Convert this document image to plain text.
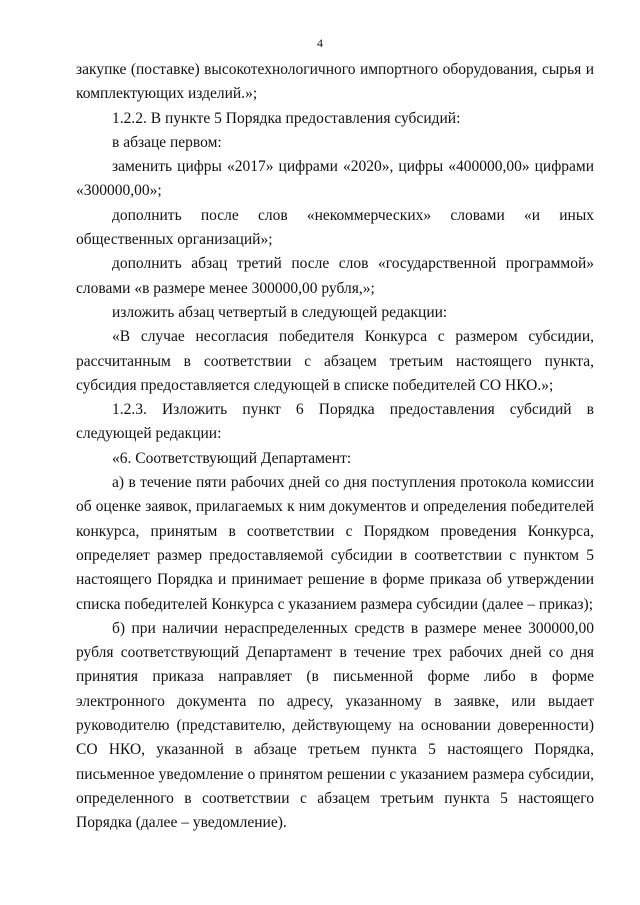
4

закупке (поставке) высокотехнологичного импортного оборудования, сырья и комплектующих изделий.»;

1.2.2. В пункте 5 Порядка предоставления субсидий:

в абзаце первом:

заменить цифры «2017» цифрами «2020», цифры «400000,00» цифрами «300000,00»;

дополнить после слов «некоммерческих» словами «и иных общественных организаций»;

дополнить абзац третий после слов «государственной программой» словами «в размере менее 300000,00 рубля,»;

изложить абзац четвертый в следующей редакции:

«В случае несогласия победителя Конкурса с размером субсидии, рассчитанным в соответствии с абзацем третьим настоящего пункта, субсидия предоставляется следующей в списке победителей СО НКО.»;

1.2.3. Изложить пункт 6 Порядка предоставления субсидий в следующей редакции:

«6. Соответствующий Департамент:

а) в течение пяти рабочих дней со дня поступления протокола комиссии об оценке заявок, прилагаемых к ним документов и определения победителей конкурса, принятым в соответствии с Порядком проведения Конкурса, определяет размер предоставляемой субсидии в соответствии с пунктом 5 настоящего Порядка и принимает решение в форме приказа об утверждении списка победителей Конкурса с указанием размера субсидии (далее – приказ);

б) при наличии нераспределенных средств в размере менее 300000,00 рубля соответствующий Департамент в течение трех рабочих дней со дня принятия приказа направляет (в письменной форме либо в форме электронного документа по адресу, указанному в заявке, или выдает руководителю (представителю, действующему на основании доверенности) СО НКО, указанной в абзаце третьем пункта 5 настоящего Порядка, письменное уведомление о принятом решении с указанием размера субсидии, определенного в соответствии с абзацем третьим пункта 5 настоящего Порядка (далее – уведомление).
